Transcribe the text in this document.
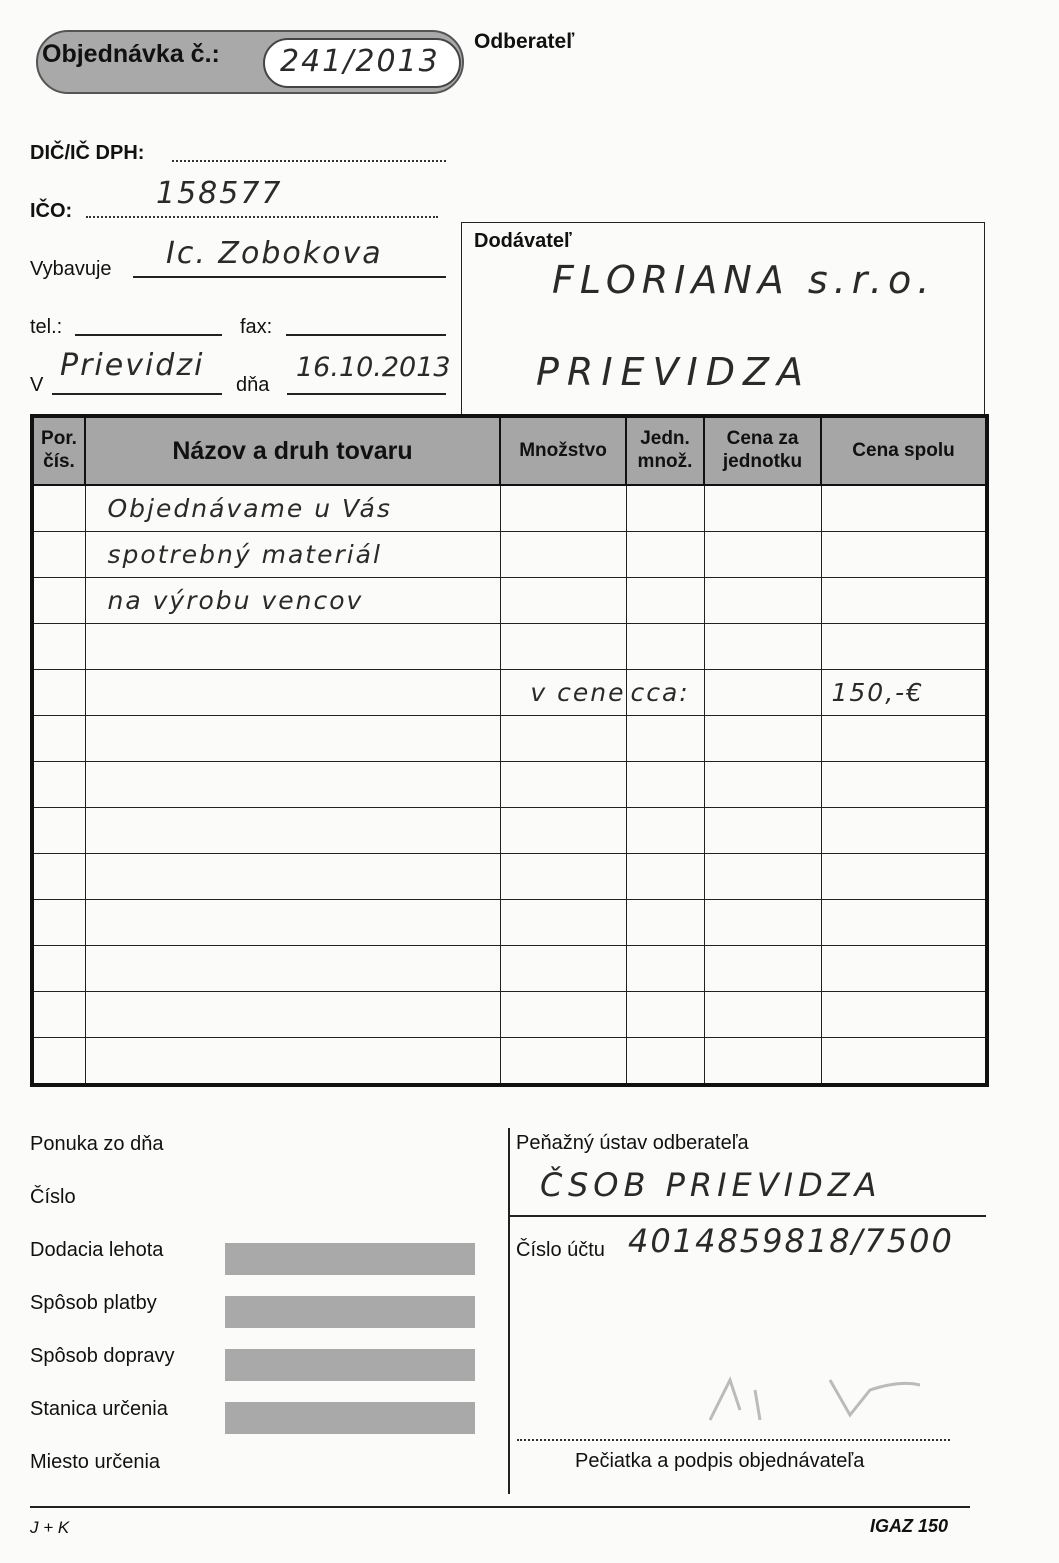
Objednávka č.: 241/2013
Odberateľ
DIČ/IČ DPH:
IČO:	158577
Vybavuje Ic. Zobokova
tel.:	fax:
V
Prievidzi
dňa
16.10.2013
Dodávateľ
FLORIANA s.r.o.
PRIEVIDZA
Por. čís.	Názov a druh tovaru	Množstvo	Jedn. množ.	Cena za jednotku	Cena spolu
	Objednávame u Vás				
	spotrebný materiál				
	na výrobu vencov				

		v cene	cca:		150,-€

Ponuka zo dňa
Číslo
Dodacia lehota
Spôsob platby
Spôsob dopravy
Stanica určenia
Miesto určenia
Peňažný ústav odberateľa
ČSOB PRIEVIDZA
Číslo účtu 4014859818/7500
Pečiatka a podpis objednávateľa
J + K	IGAZ 150
